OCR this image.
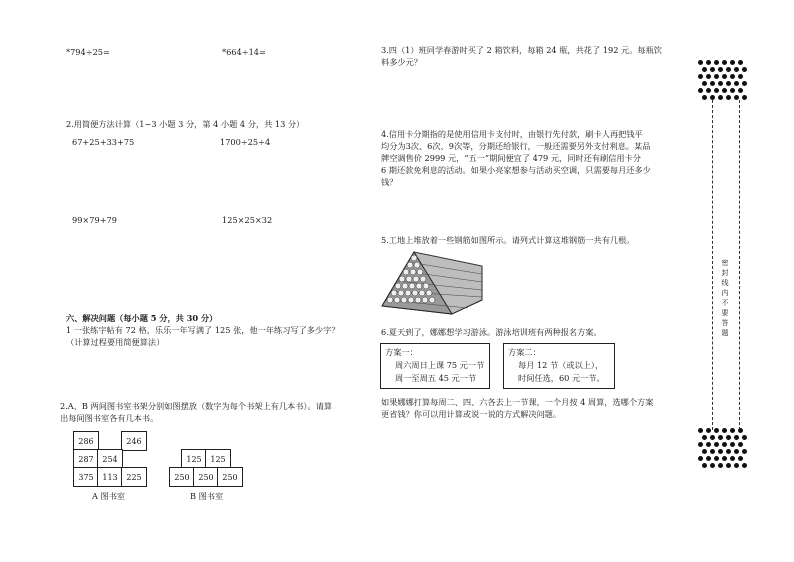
*794÷25=	*664÷14=
2.用简便方法计算（1~3 小题 3 分，第 4 小题 4 分，共 13 分）
67+25+33+75	1700÷25÷4
99×79+79	125×25×32
六、解决问题（每小题 5 分，共 30 分）
1 一张练字帖有 72 格，乐乐一年写满了 125 张，他一年练习写了多少字？
（计算过程要用简便算法）
2.A、B 两间图书室书架分别如图摆放（数字为每个书架上有几本书）。请算
出每间图书室各有几本书。
286	246
287	254
375	113	225
A 图书室
125	125
250	250	250
B 图书室
3.四（1）班同学春游时买了 2 箱饮料，每箱 24 瓶，共花了 192 元。每瓶饮
料多少元？
4.信用卡分期指的是使用信用卡支付时，由银行先付款，刷卡人再把钱平
均分为3次、6次、9次等，分期还给银行，一般还需要另外支付利息。某品
牌空调售价 2999 元，“五一”期间便宜了 479 元，同时还有刷信用卡分
6 期还款免利息的活动。如果小亮家想参与活动买空调，只需要每月还多少
钱？
5.工地上堆放着一些钢筋如图所示。请列式计算这堆钢筋一共有几根。
6.夏天到了，娜娜想学习游泳。游泳培训班有两种报名方案。
方案一：
周六周日上课 75 元一节
周一至周五 45 元一节
方案二：
每月 12 节（或以上），
时间任选，60 元一节。
如果娜娜打算每周二、四、六各去上一节课，一个月按 4 周算，选哪个方案
更省钱？你可以用计算或说一说的方式解决问题。
密封线内不要答题
